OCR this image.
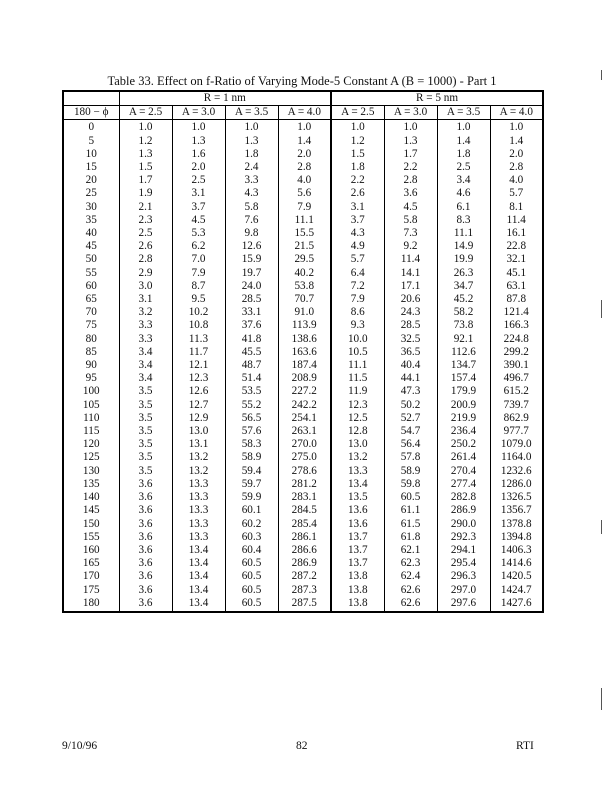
Table 33. Effect on f-Ratio of Varying Mode-5 Constant A (B = 1000) - Part 1
	R = 1 nm				R = 5 nm			
180 − ϕ	A = 2.5	A = 3.0	A = 3.5	A = 4.0	A = 2.5	A = 3.0	A = 3.5	A = 4.0
0	1.0	1.0	1.0	1.0	1.0	1.0	1.0	1.0
5	1.2	1.3	1.3	1.4	1.2	1.3	1.4	1.4
10	1.3	1.6	1.8	2.0	1.5	1.7	1.8	2.0
15	1.5	2.0	2.4	2.8	1.8	2.2	2.5	2.8
20	1.7	2.5	3.3	4.0	2.2	2.8	3.4	4.0
25	1.9	3.1	4.3	5.6	2.6	3.6	4.6	5.7
30	2.1	3.7	5.8	7.9	3.1	4.5	6.1	8.1
35	2.3	4.5	7.6	11.1	3.7	5.8	8.3	11.4
40	2.5	5.3	9.8	15.5	4.3	7.3	11.1	16.1
45	2.6	6.2	12.6	21.5	4.9	9.2	14.9	22.8
50	2.8	7.0	15.9	29.5	5.7	11.4	19.9	32.1
55	2.9	7.9	19.7	40.2	6.4	14.1	26.3	45.1
60	3.0	8.7	24.0	53.8	7.2	17.1	34.7	63.1
65	3.1	9.5	28.5	70.7	7.9	20.6	45.2	87.8
70	3.2	10.2	33.1	91.0	8.6	24.3	58.2	121.4
75	3.3	10.8	37.6	113.9	9.3	28.5	73.8	166.3
80	3.3	11.3	41.8	138.6	10.0	32.5	92.1	224.8
85	3.4	11.7	45.5	163.6	10.5	36.5	112.6	299.2
90	3.4	12.1	48.7	187.4	11.1	40.4	134.7	390.1
95	3.4	12.3	51.4	208.9	11.5	44.1	157.4	496.7
100	3.5	12.6	53.5	227.2	11.9	47.3	179.9	615.2
105	3.5	12.7	55.2	242.2	12.3	50.2	200.9	739.7
110	3.5	12.9	56.5	254.1	12.5	52.7	219.9	862.9
115	3.5	13.0	57.6	263.1	12.8	54.7	236.4	977.7
120	3.5	13.1	58.3	270.0	13.0	56.4	250.2	1079.0
125	3.5	13.2	58.9	275.0	13.2	57.8	261.4	1164.0
130	3.5	13.2	59.4	278.6	13.3	58.9	270.4	1232.6
135	3.6	13.3	59.7	281.2	13.4	59.8	277.4	1286.0
140	3.6	13.3	59.9	283.1	13.5	60.5	282.8	1326.5
145	3.6	13.3	60.1	284.5	13.6	61.1	286.9	1356.7
150	3.6	13.3	60.2	285.4	13.6	61.5	290.0	1378.8
155	3.6	13.3	60.3	286.1	13.7	61.8	292.3	1394.8
160	3.6	13.4	60.4	286.6	13.7	62.1	294.1	1406.3
165	3.6	13.4	60.5	286.9	13.7	62.3	295.4	1414.6
170	3.6	13.4	60.5	287.2	13.8	62.4	296.3	1420.5
175	3.6	13.4	60.5	287.3	13.8	62.6	297.0	1424.7
180	3.6	13.4	60.5	287.5	13.8	62.6	297.6	1427.6
9/10/96	82	RTI
